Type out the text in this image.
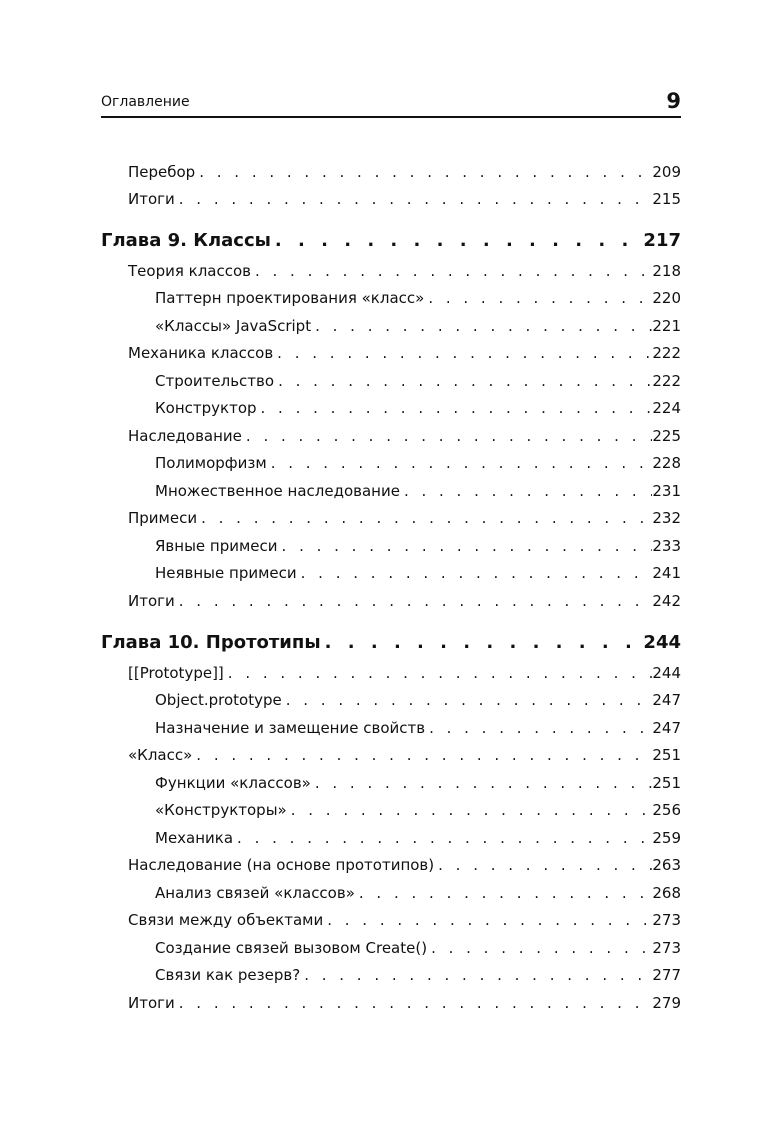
Оглавление	9
Перебор . . .	209
Итоги . . .	215
Глава 9. Классы . . .	217
Теория классов . . .	218
Паттерн проектирования «класс» . . .	220
«Классы» JavaScript . . .	221
Механика классов . . .	222
Строительство . . .	222
Конструктор . . .	224
Наследование . . .	225
Полиморфизм . . .	228
Множественное наследование . . .	231
Примеси . . .	232
Явные примеси . . .	233
Неявные примеси . . .	241
Итоги . . .	242
Глава 10. Прототипы . . .	244
[[Prototype]] . . .	244
Object.prototype . . .	247
Назначение и замещение свойств . . .	247
«Класс» . . .	251
Функции «классов» . . .	251
«Конструкторы» . . .	256
Механика . . .	259
Наследование (на основе прототипов) . . .	263
Анализ связей «классов» . . .	268
Связи между объектами . . .	273
Создание связей вызовом Create() . . .	273
Связи как резерв? . . .	277
Итоги . . .	279
